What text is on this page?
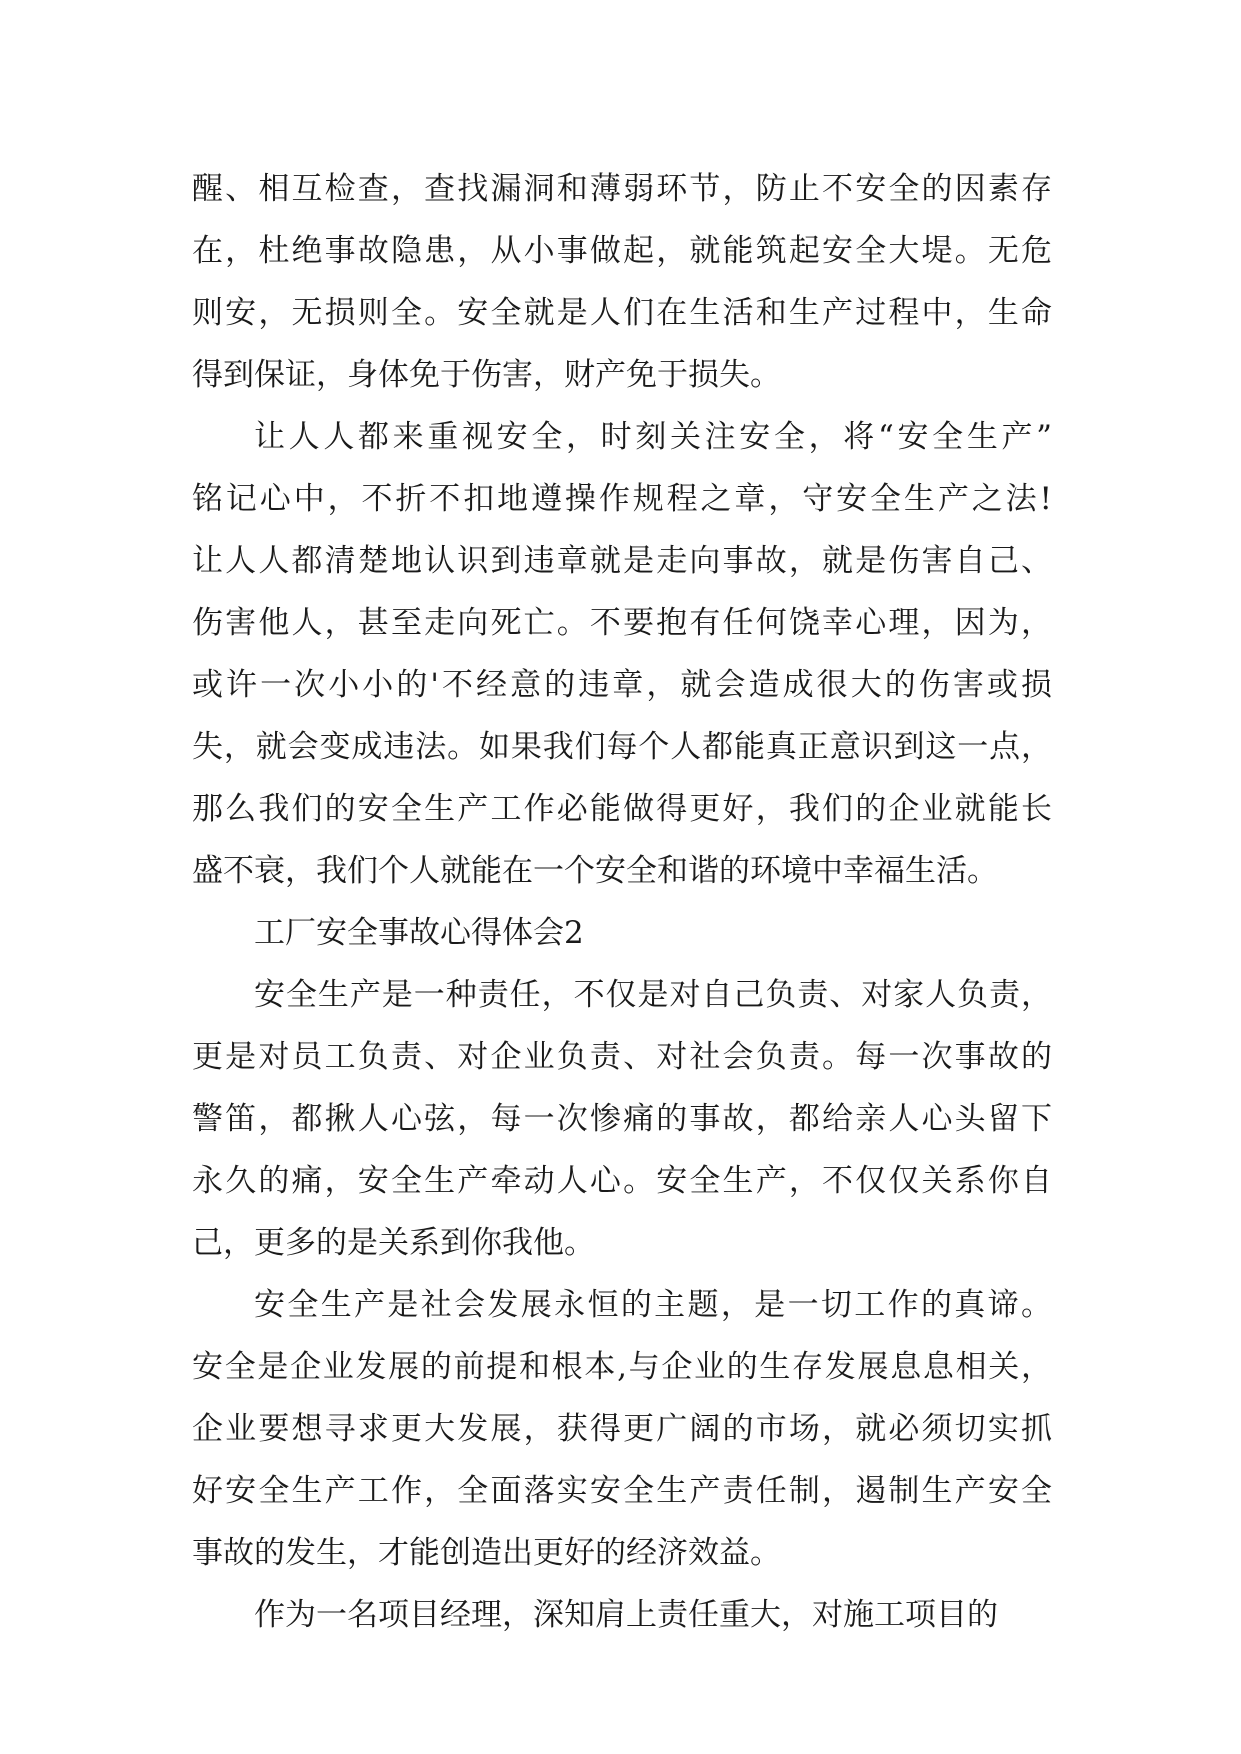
醒、相互检查，查找漏洞和薄弱环节，防止不安全的因素存
在，杜绝事故隐患，从小事做起，就能筑起安全大堤。无危
则安，无损则全。安全就是人们在生活和生产过程中，生命
得到保证，身体免于伤害，财产免于损失。
让人人都来重视安全，时刻关注安全，将“安全生产”
铭记心中，不折不扣地遵操作规程之章，守安全生产之法!
让人人都清楚地认识到违章就是走向事故，就是伤害自己、
伤害他人，甚至走向死亡。不要抱有任何饶幸心理，因为，
或许一次小小的'不经意的违章，就会造成很大的伤害或损
失，就会变成违法。如果我们每个人都能真正意识到这一点，
那么我们的安全生产工作必能做得更好，我们的企业就能长
盛不衰，我们个人就能在一个安全和谐的环境中幸福生活。
工厂安全事故心得体会2
安全生产是一种责任，不仅是对自己负责、对家人负责，
更是对员工负责、对企业负责、对社会负责。每一次事故的
警笛，都揪人心弦，每一次惨痛的事故，都给亲人心头留下
永久的痛，安全生产牵动人心。安全生产，不仅仅关系你自
己，更多的是关系到你我他。
安全生产是社会发展永恒的主题，是一切工作的真谛。
安全是企业发展的前提和根本,与企业的生存发展息息相关，
企业要想寻求更大发展，获得更广阔的市场，就必须切实抓
好安全生产工作，全面落实安全生产责任制，遏制生产安全
事故的发生，才能创造出更好的经济效益。
作为一名项目经理，深知肩上责任重大，对施工项目的
